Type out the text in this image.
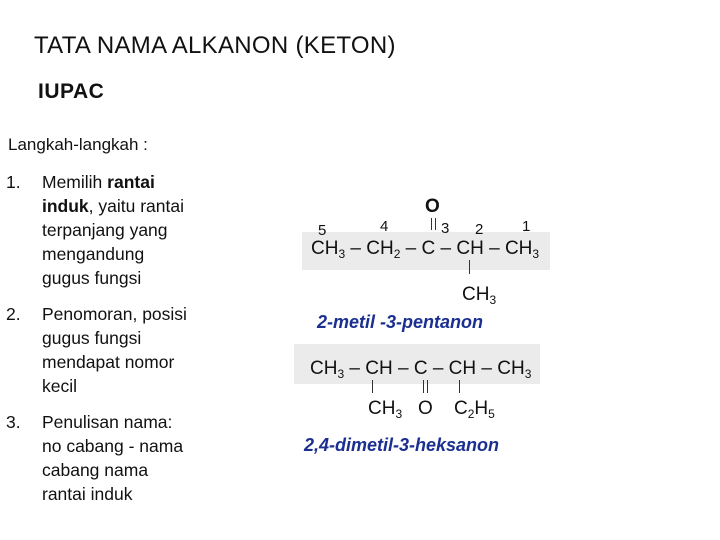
TATA NAMA ALKANON (KETON)
IUPAC
Langkah-langkah :
1. Memilih rantai
induk, yaitu rantai
terpanjang yang
mengandung
gugus fungsi
2. Penomoran, posisi
gugus fungsi
mendapat nomor
kecil
3. Penulisan nama:
no cabang - nama
cabang nama
rantai induk
O
5	4	3 2	1
$CH_3 - CH_2$ – C – CH – $CH_3$
$CH_3$
2-metil -3-pentanon
$CH_3$ – CH – C – CH – $CH_3$
$CH_3$ O $C_2H_5$
2,4-dimetil-3-heksanon
